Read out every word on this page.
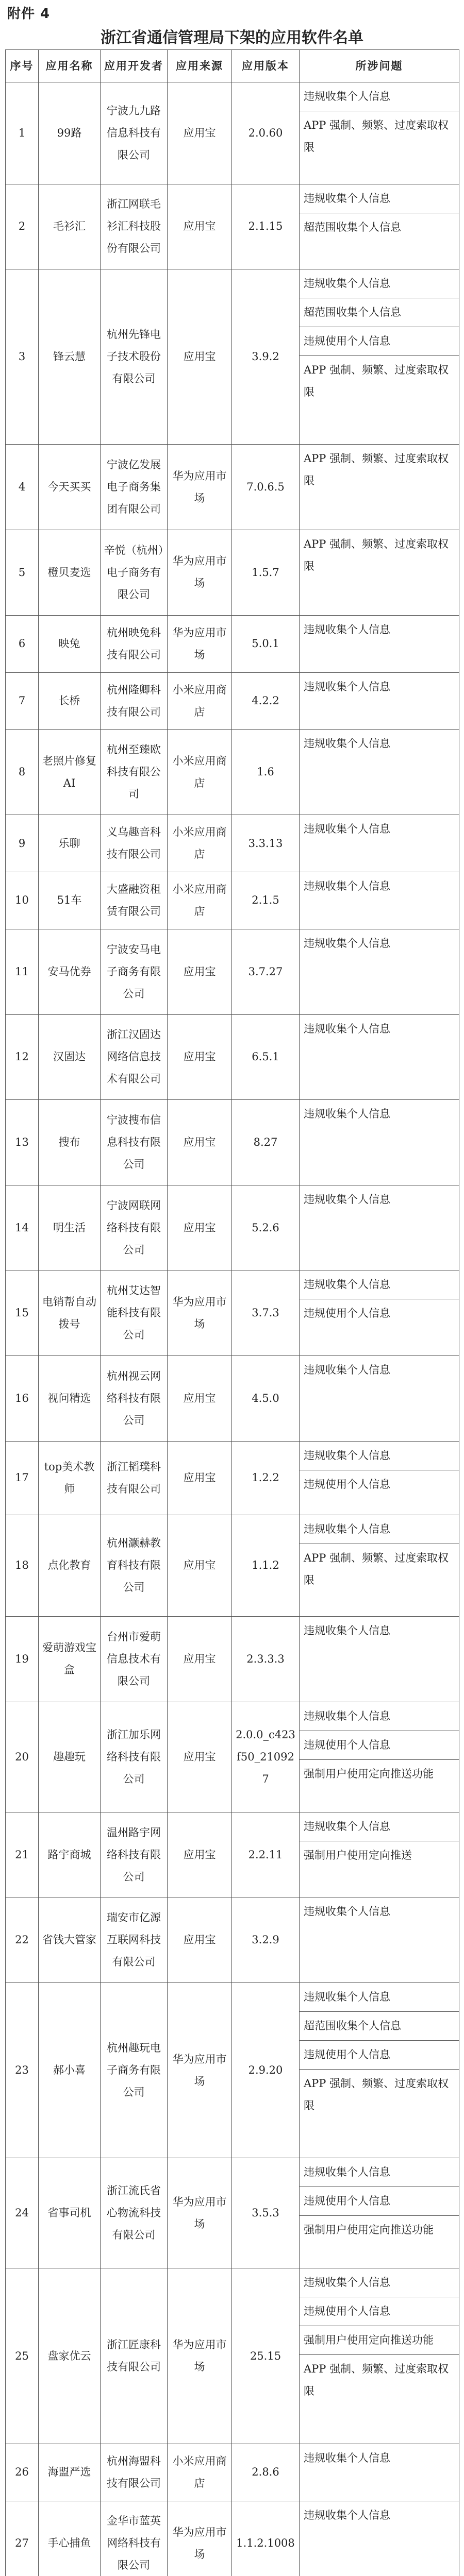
附件 4
浙江省通信管理局下架的应用软件名单
序号	应用名称	应用开发者	应用来源	应用版本	所涉问题

1	99路	宁波九九路信息科技有限公司	应用宝	2.0.60	违规收集个人信息
APP 强制、频繁、过度索取权限

2	毛衫汇	浙江网联毛衫汇科技股份有限公司	应用宝	2.1.15	违规收集个人信息
超范围收集个人信息

3	锋云慧	杭州先锋电子技术股份有限公司	应用宝	3.9.2	违规收集个人信息
超范围收集个人信息
违规使用个人信息
APP 强制、频繁、过度索取权限

4	今天买买	宁波亿发展电子商务集团有限公司	华为应用市场	7.0.6.5	APP 强制、频繁、过度索取权限

5	橙贝麦选	辛悦（杭州）电子商务有限公司	华为应用市场	1.5.7	APP 强制、频繁、过度索取权限

6	映兔	杭州映兔科技有限公司	华为应用市场	5.0.1	违规收集个人信息

7	长桥	杭州隆卿科技有限公司	小米应用商店	4.2.2	违规收集个人信息

8	老照片修复AI	杭州至臻欧科技有限公司	小米应用商店	1.6	违规收集个人信息

9	乐聊	义乌趣音科技有限公司	小米应用商店	3.3.13	违规收集个人信息

10	51车	大盛融资租赁有限公司	小米应用商店	2.1.5	违规收集个人信息

11	安马优券	宁波安马电子商务有限公司	应用宝	3.7.27	违规收集个人信息

12	汉固达	浙江汉固达网络信息技术有限公司	应用宝	6.5.1	违规收集个人信息

13	搜布	宁波搜布信息科技有限公司	应用宝	8.27	违规收集个人信息

14	明生活	宁波网联网络科技有限公司	应用宝	5.2.6	违规收集个人信息

15	电销帮自动拨号	杭州艾达智能科技有限公司	华为应用市场	3.7.3	违规收集个人信息
违规使用个人信息

16	视问精选	杭州视云网络科技有限公司	应用宝	4.5.0	违规收集个人信息

17	top美术教师	浙江韬璞科技有限公司	应用宝	1.2.2	违规收集个人信息
违规使用个人信息

18	点化教育	杭州灏赫教育科技有限公司	应用宝	1.1.2	违规收集个人信息
APP 强制、频繁、过度索取权限

19	爱萌游戏宝盒	台州市爱萌信息技术有限公司	应用宝	2.3.3.3	违规收集个人信息

20	趣趣玩	浙江加乐网络科技有限公司	应用宝	2.0.0_c423f50_210927	违规收集个人信息
违规使用个人信息
强制用户使用定向推送功能

21	路宇商城	温州路宇网络科技有限公司	应用宝	2.2.11	违规收集个人信息
强制用户使用定向推送

22	省钱大管家	瑞安市亿源互联网科技有限公司	应用宝	3.2.9	违规收集个人信息

23	郝小喜	杭州趣玩电子商务有限公司	华为应用市场	2.9.20	违规收集个人信息
超范围收集个人信息
违规使用个人信息
APP 强制、频繁、过度索取权限

24	省事司机	浙江流氏省心物流科技有限公司	华为应用市场	3.5.3	违规收集个人信息
违规使用个人信息
强制用户使用定向推送功能

25	盘家优云	浙江匠康科技有限公司	华为应用市场	25.15	违规收集个人信息
违规使用个人信息
强制用户使用定向推送功能
APP 强制、频繁、过度索取权限

26	海盟严选	杭州海盟科技有限公司	小米应用商店	2.8.6	违规收集个人信息

27	手心捕鱼	金华市蓝英网络科技有限公司	华为应用市场	1.1.2.1008	违规收集个人信息
